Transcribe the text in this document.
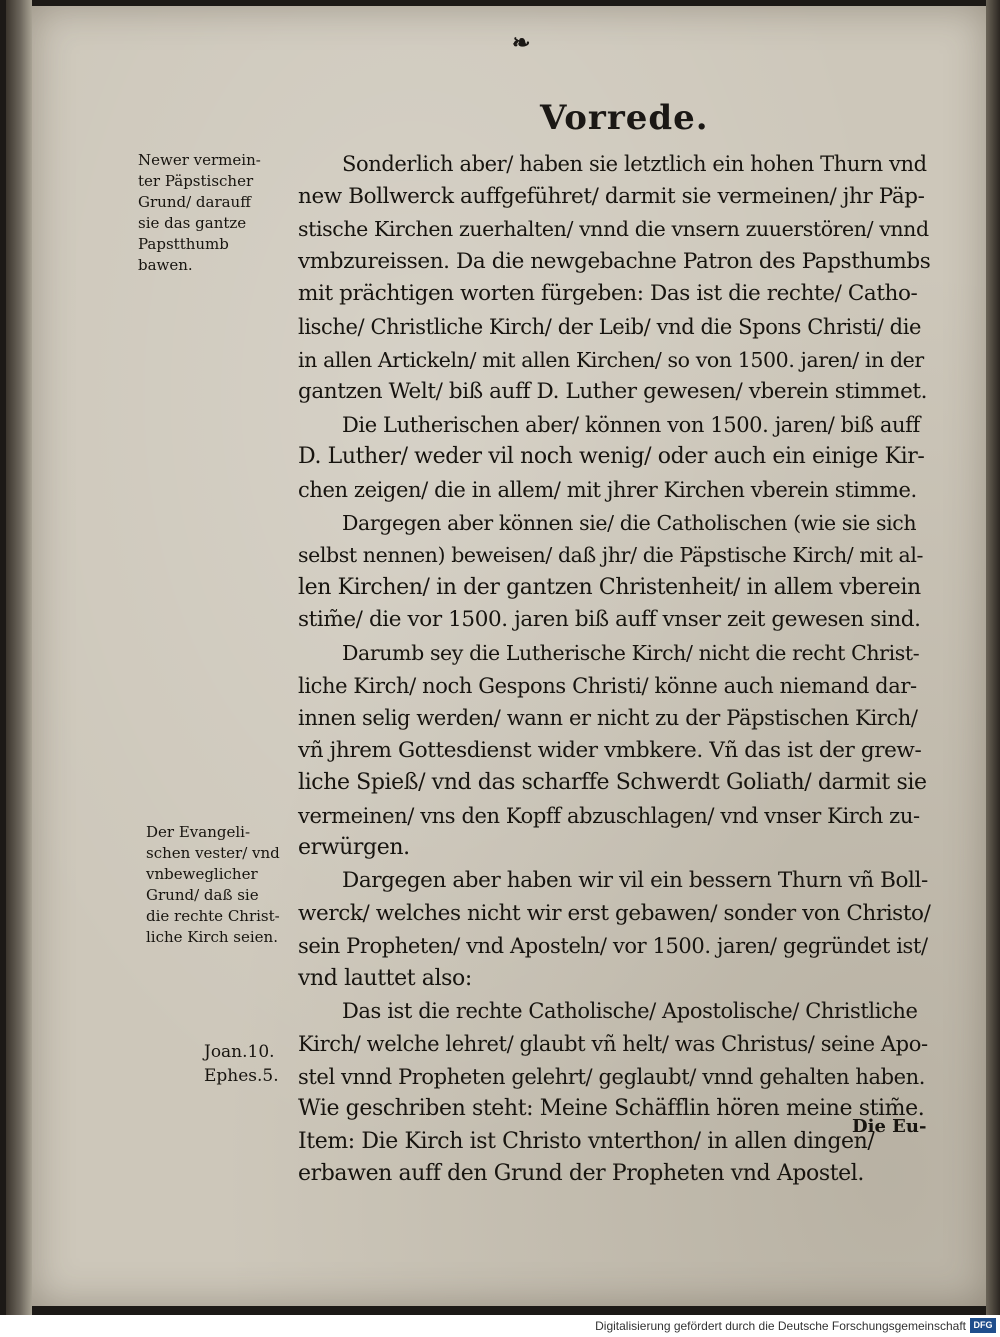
❧
Vorrede.
Newer vermein-
ter Päpstischer
Grund/ darauff
sie das gantze
Papstthumb
bawen.
Der Evangeli-
schen vester/ vnd
vnbeweglicher
Grund/ daß sie
die rechte Christ-
liche Kirch seien.
Joan.10.
Ephes.5.
Sonderlich aber/ haben sie letztlich ein hohen Thurn vnd
new Bollwerck auffgeführet/ darmit sie vermeinen/ jhr Päp-
stische Kirchen zuerhalten/ vnnd die vnsern zuuerstören/ vnnd
vmbzureissen. Da die newgebachne Patron des Papsthumbs
mit prächtigen worten fürgeben: Das ist die rechte/ Catho-
lische/ Christliche Kirch/ der Leib/ vnd die Spons Christi/ die
in allen Artickeln/ mit allen Kirchen/ so von 1500. jaren/ in der
gantzen Welt/ biß auff D. Luther gewesen/ vberein stimmet.
Die Lutherischen aber/ können von 1500. jaren/ biß auff
D. Luther/ weder vil noch wenig/ oder auch ein einige Kir-
chen zeigen/ die in allem/ mit jhrer Kirchen vberein stimme.
Dargegen aber können sie/ die Catholischen (wie sie sich
selbst nennen) beweisen/ daß jhr/ die Päpstische Kirch/ mit al-
len Kirchen/ in der gantzen Christenheit/ in allem vberein
stim̃e/ die vor 1500. jaren biß auff vnser zeit gewesen sind.
Darumb sey die Lutherische Kirch/ nicht die recht Christ-
liche Kirch/ noch Gespons Christi/ könne auch niemand dar-
innen selig werden/ wann er nicht zu der Päpstischen Kirch/
vñ jhrem Gottesdienst wider vmbkere. Vñ das ist der grew-
liche Spieß/ vnd das scharffe Schwerdt Goliath/ darmit sie
vermeinen/ vns den Kopff abzuschlagen/ vnd vnser Kirch zu-
erwürgen.
Dargegen aber haben wir vil ein bessern Thurn vñ Boll-
werck/ welches nicht wir erst gebawen/ sonder von Christo/
sein Propheten/ vnd Aposteln/ vor 1500. jaren/ gegründet ist/
vnd lauttet also:
Das ist die rechte Catholische/ Apostolische/ Christliche
Kirch/ welche lehret/ glaubt vñ helt/ was Christus/ seine Apo-
stel vnnd Propheten gelehrt/ geglaubt/ vnnd gehalten haben.
Wie geschriben steht: Meine Schäfflin hören meine stim̃e.
Item: Die Kirch ist Christo vnterthon/ in allen dingen/
erbawen auff den Grund der Propheten vnd Apostel.
Die Eu-
Digitalisierung gefördert durch die Deutsche Forschungsgemeinschaft DFG
